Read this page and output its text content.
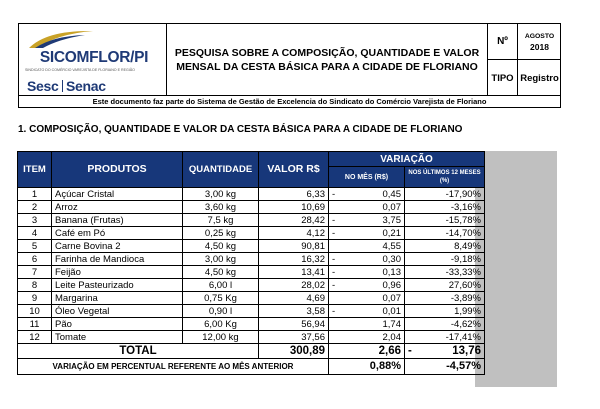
SICOMFLOR/PI
SINDICATO DO COMÉRCIO VAREJISTA DE FLORIANO E REGIÃO
Sesc Senac
PESQUISA SOBRE A COMPOSIÇÃO, QUANTIDADE E VALOR MENSAL DA CESTA BÁSICA PARA A CIDADE DE FLORIANO
Nº	AGOSTO
2018
TIPO Registro
Este documento faz parte do Sistema de Gestão de Excelencia do Sindicato do Comércio Varejista de Floriano
1. COMPOSIÇÃO, QUANTIDADE E VALOR DA CESTA BÁSICA PARA A CIDADE DE FLORIANO
ITEM	PRODUTOS	QUANTIDADE	VALOR R$	VARIAÇÃO	
				NO MÊS (R$)	NOS ÚLTIMOS 12 MESES (%)
1	Açúcar Cristal	3,00 kg	6,33	- 0,45	-17,90%
2	Arroz	3,60 kg	10,69	0,07	-3,16%
3	Banana (Frutas)	7,5 kg	28,42	- 3,75	-15,78%
4	Café em Pó	0,25 kg	4,12	- 0,21	-14,70%
5	Carne Bovina 2	4,50 kg	90,81	4,55	8,49%
6	Farinha de Mandioca	3,00 kg	16,32	- 0,30	-9,18%
7	Feijão	4,50 kg	13,41	- 0,13	-33,33%
8	Leite Pasteurizado	6,00 l	28,02	- 0,96	27,60%
9	Margarina	0,75 Kg	4,69	0,07	-3,89%
10	Óleo Vegetal	0,90 l	3,58	- 0,01	1,99%
11	Pão	6,00 Kg	56,94	1,74	-4,62%
12	Tomate	12,00 kg	37,56	2,04	-17,41%
TOTAL			300,89	2,66	- 13,76

VARIAÇÃO EM PERCENTUAL REFERENTE AO MÊS ANTERIOR				0,88%	-4,57%
